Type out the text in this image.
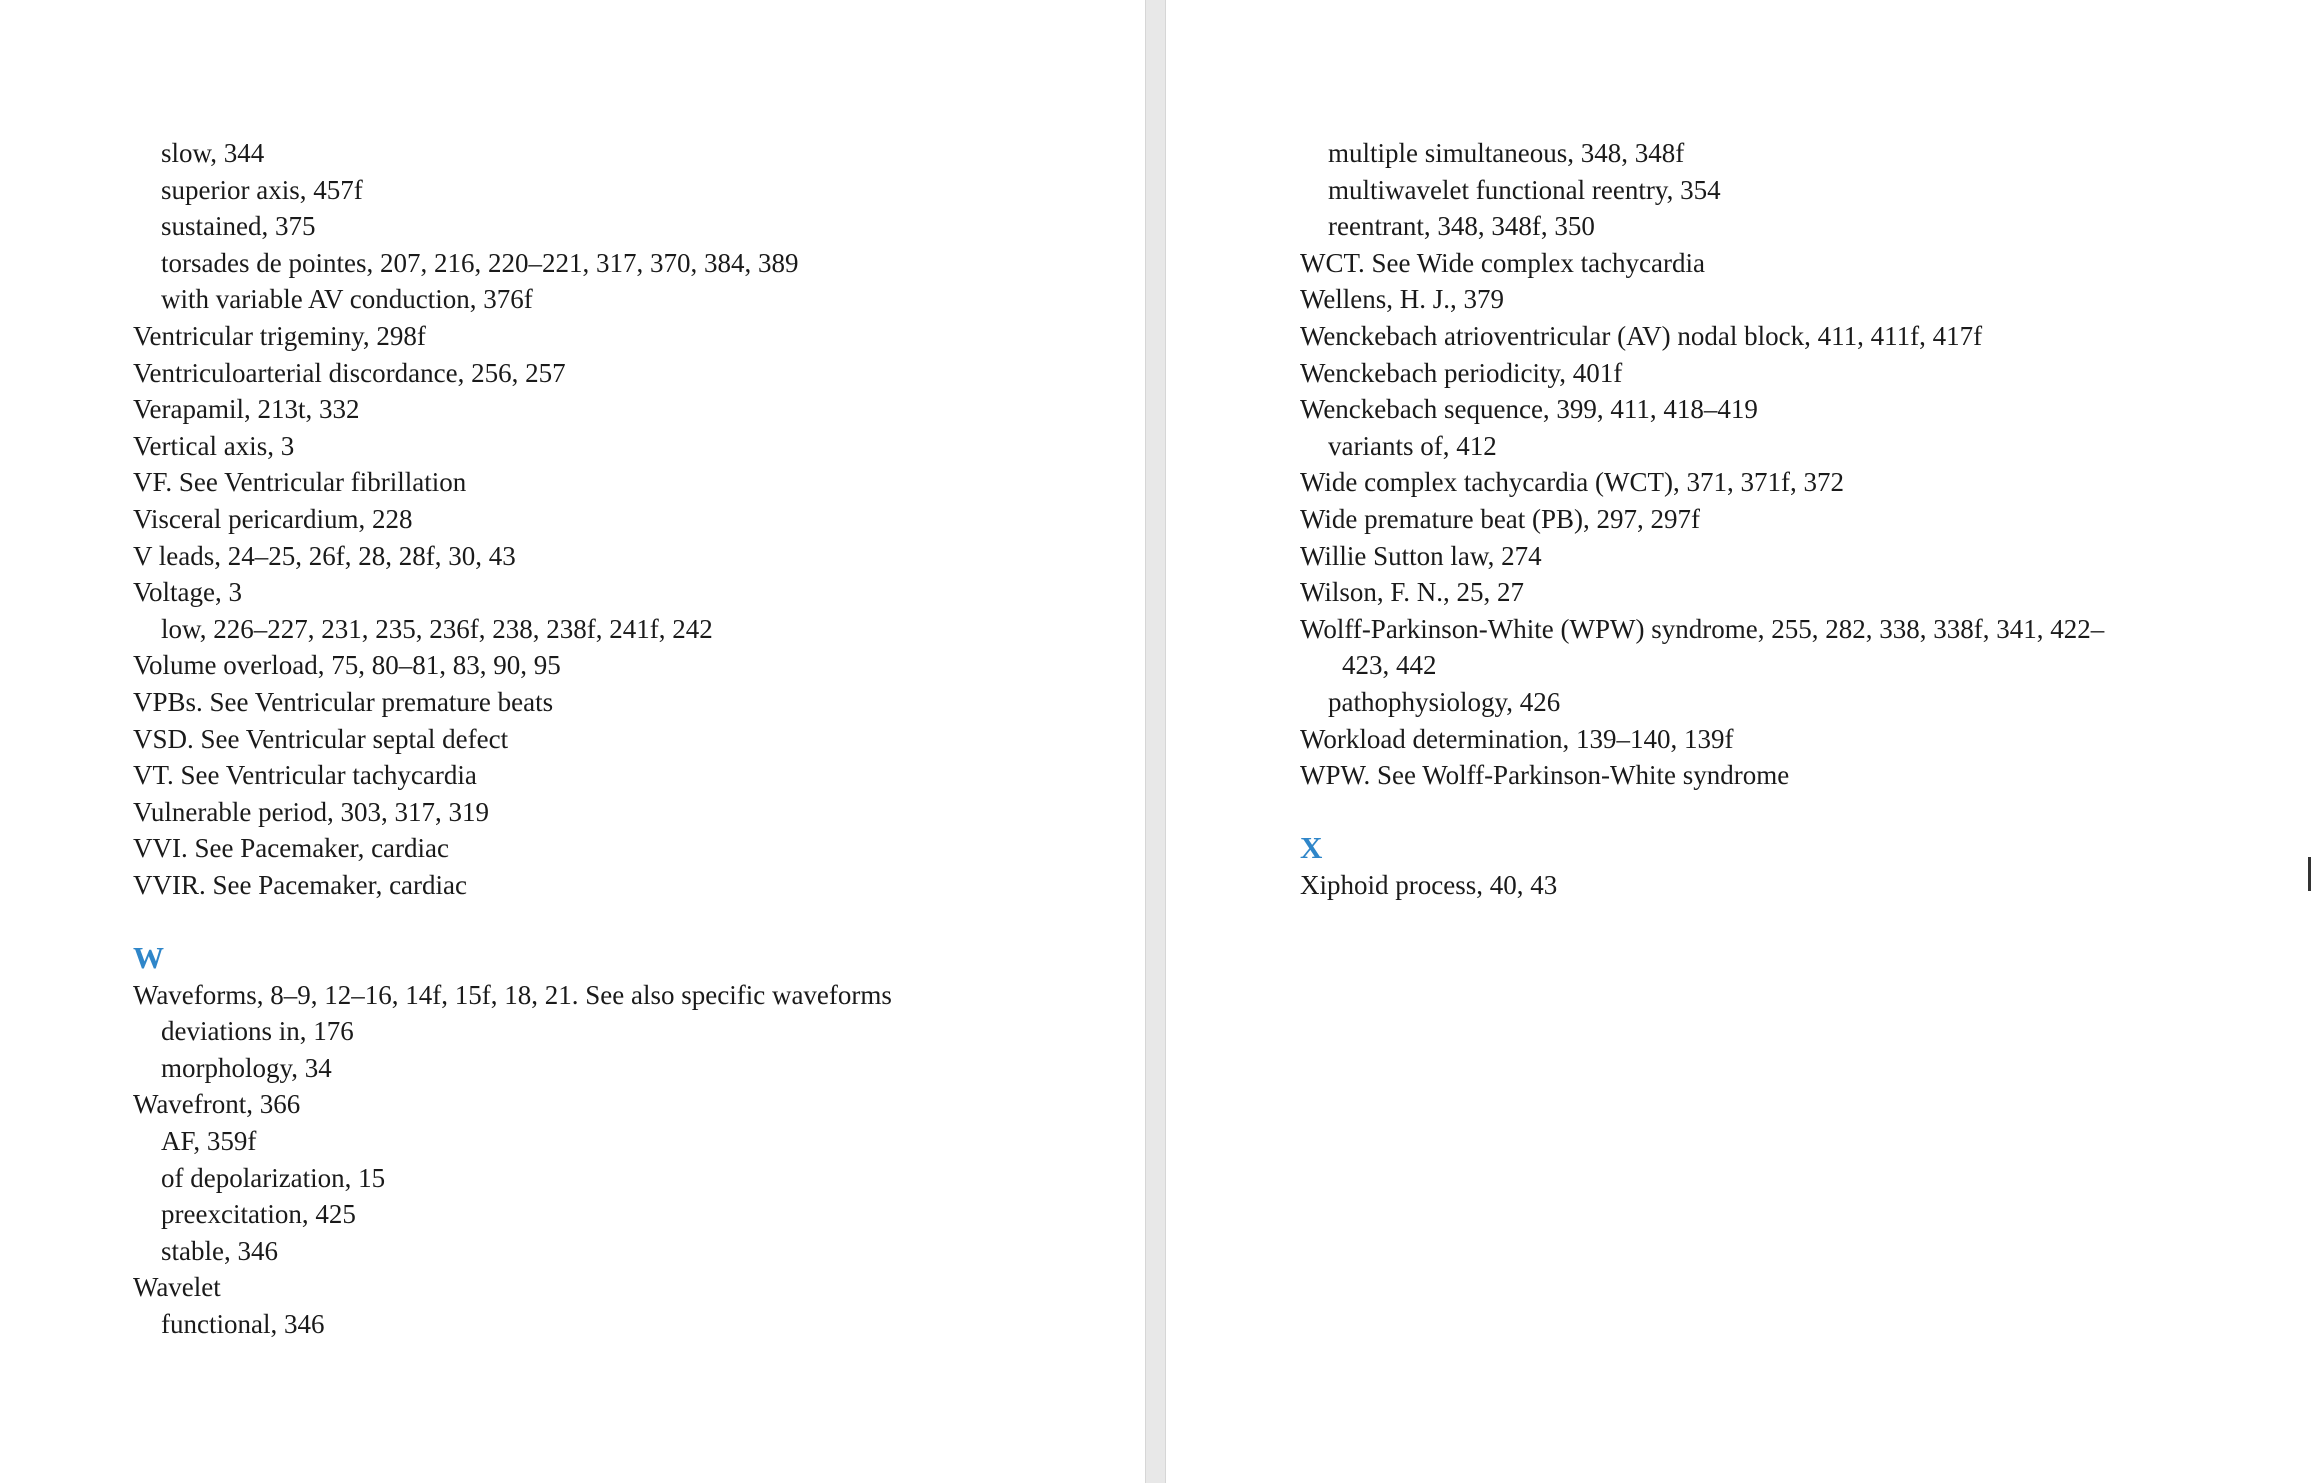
slow, 344
superior axis, 457f
sustained, 375
torsades de pointes, 207, 216, 220–221, 317, 370, 384, 389
with variable AV conduction, 376f
Ventricular trigeminy, 298f
Ventriculoarterial discordance, 256, 257
Verapamil, 213t, 332
Vertical axis, 3
VF. See Ventricular fibrillation
Visceral pericardium, 228
V leads, 24–25, 26f, 28, 28f, 30, 43
Voltage, 3
low, 226–227, 231, 235, 236f, 238, 238f, 241f, 242
Volume overload, 75, 80–81, 83, 90, 95
VPBs. See Ventricular premature beats
VSD. See Ventricular septal defect
VT. See Ventricular tachycardia
Vulnerable period, 303, 317, 319
VVI. See Pacemaker, cardiac
VVIR. See Pacemaker, cardiac
W
Waveforms, 8–9, 12–16, 14f, 15f, 18, 21. See also specific waveforms
deviations in, 176
morphology, 34
Wavefront, 366
AF, 359f
of depolarization, 15
preexcitation, 425
stable, 346
Wavelet
functional, 346
multiple simultaneous, 348, 348f
multiwavelet functional reentry, 354
reentrant, 348, 348f, 350
WCT. See Wide complex tachycardia
Wellens, H. J., 379
Wenckebach atrioventricular (AV) nodal block, 411, 411f, 417f
Wenckebach periodicity, 401f
Wenckebach sequence, 399, 411, 418–419
variants of, 412
Wide complex tachycardia (WCT), 371, 371f, 372
Wide premature beat (PB), 297, 297f
Willie Sutton law, 274
Wilson, F. N., 25, 27
Wolff-Parkinson-White (WPW) syndrome, 255, 282, 338, 338f, 341, 422–
423, 442
pathophysiology, 426
Workload determination, 139–140, 139f
WPW. See Wolff-Parkinson-White syndrome
X
Xiphoid process, 40, 43
